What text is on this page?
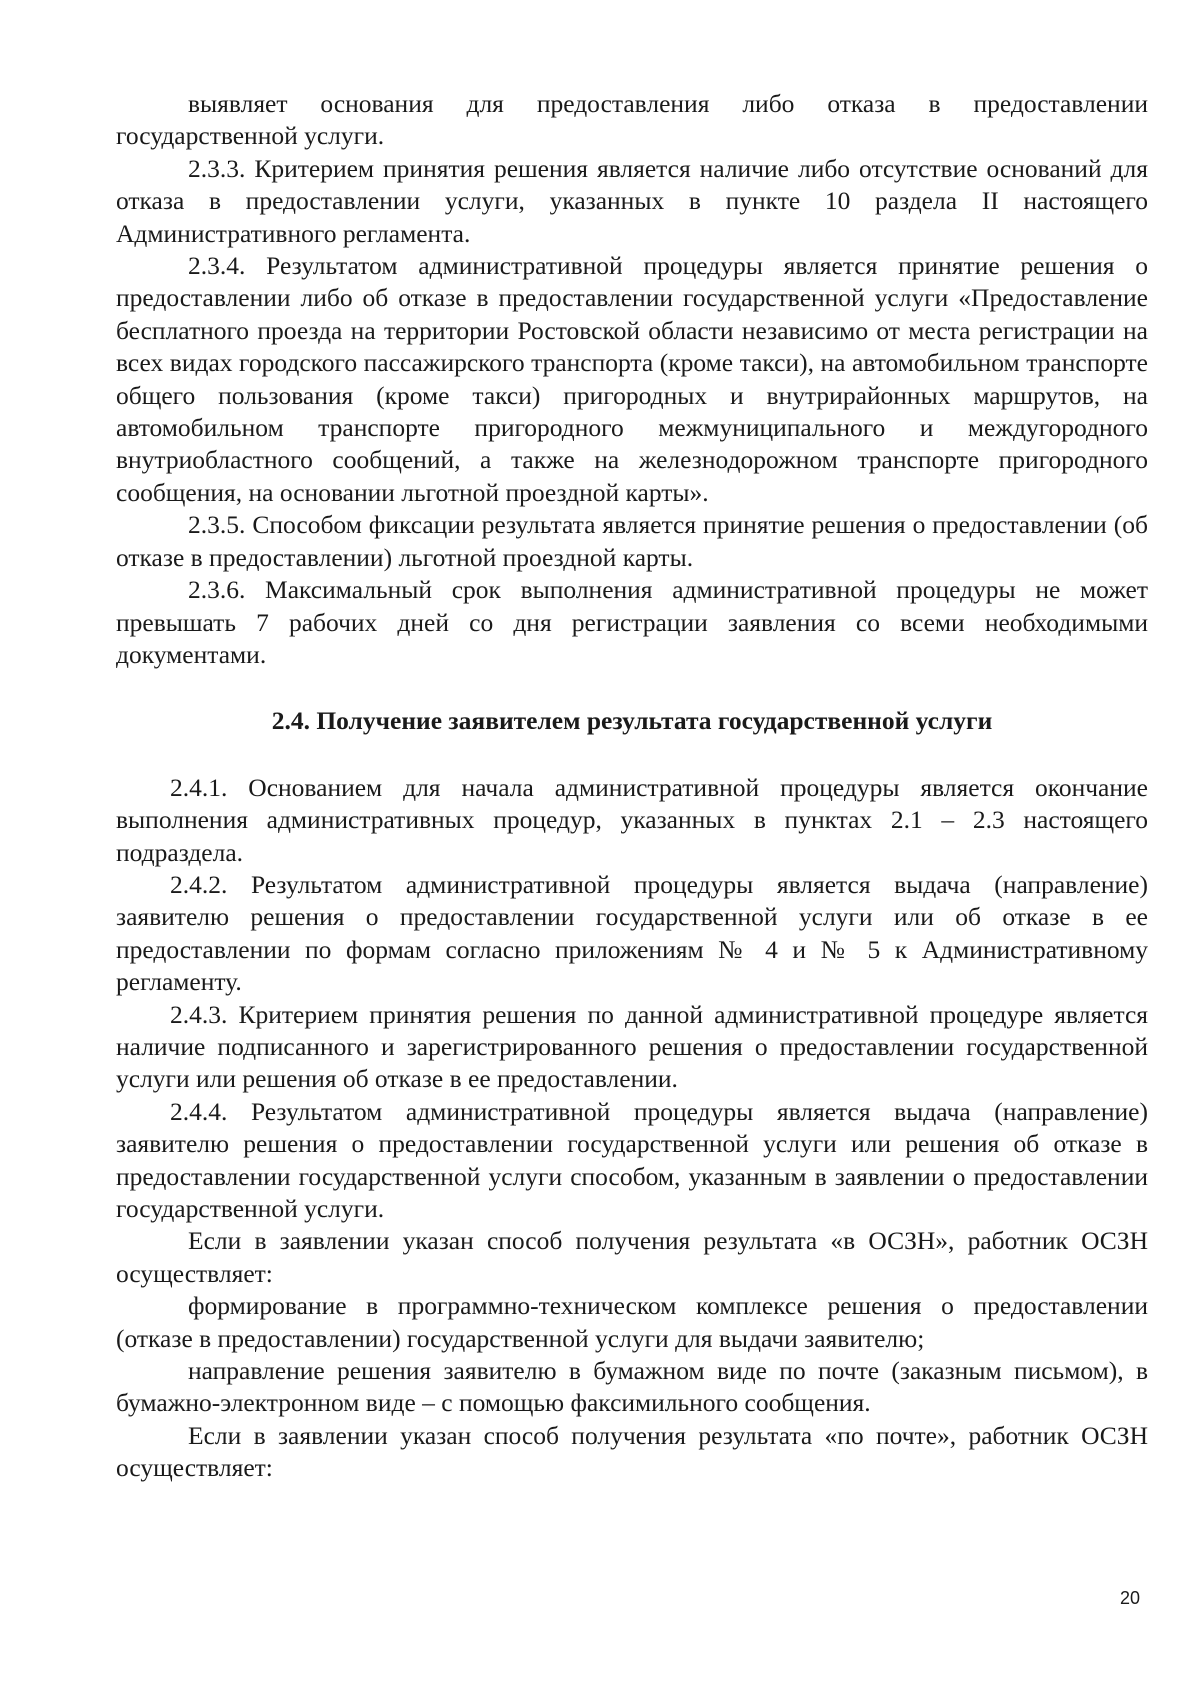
выявляет основания для предоставления либо отказа в предоставлении государственной услуги.

2.3.3. Критерием принятия решения является наличие либо отсутствие оснований для отказа в предоставлении услуги, указанных в пункте 10 раздела II настоящего Административного регламента.

2.3.4. Результатом административной процедуры является принятие решения о предоставлении либо об отказе в предоставлении государственной услуги «Предоставление бесплатного проезда на территории Ростовской области независимо от места регистрации на всех видах городского пассажирского транспорта (кроме такси), на автомобильном транспорте общего пользования (кроме такси) пригородных и внутрирайонных маршрутов, на автомобильном транспорте пригородного межмуниципального и междугородного внутриобластного сообщений, а также на железнодорожном транспорте пригородного сообщения, на основании льготной проездной карты».

2.3.5. Способом фиксации результата является принятие решения о предоставлении (об отказе в предоставлении) льготной проездной карты.

2.3.6. Максимальный срок выполнения административной процедуры не может превышать 7 рабочих дней со дня регистрации заявления со всеми необходимыми документами.

2.4. Получение заявителем результата государственной услуги

2.4.1. Основанием для начала административной процедуры является окончание выполнения административных процедур, указанных в пунктах 2.1 – 2.3 настоящего подраздела.

2.4.2. Результатом административной процедуры является выдача (направление) заявителю решения о предоставлении государственной услуги или об отказе в ее предоставлении по формам согласно приложениям № 4 и № 5 к Административному регламенту.

2.4.3. Критерием принятия решения по данной административной процедуре является наличие подписанного и зарегистрированного решения о предоставлении государственной услуги или решения об отказе в ее предоставлении.

2.4.4. Результатом административной процедуры является выдача (направление) заявителю решения о предоставлении государственной услуги или решения об отказе в предоставлении государственной услуги способом, указанным в заявлении о предоставлении государственной услуги.

Если в заявлении указан способ получения результата «в ОСЗН», работник ОСЗН осуществляет:

формирование в программно-техническом комплексе решения о предоставлении (отказе в предоставлении) государственной услуги для выдачи заявителю;

направление решения заявителю в бумажном виде по почте (заказным письмом), в бумажно-электронном виде – с помощью факсимильного сообщения.

Если в заявлении указан способ получения результата «по почте», работник ОСЗН осуществляет:

20
